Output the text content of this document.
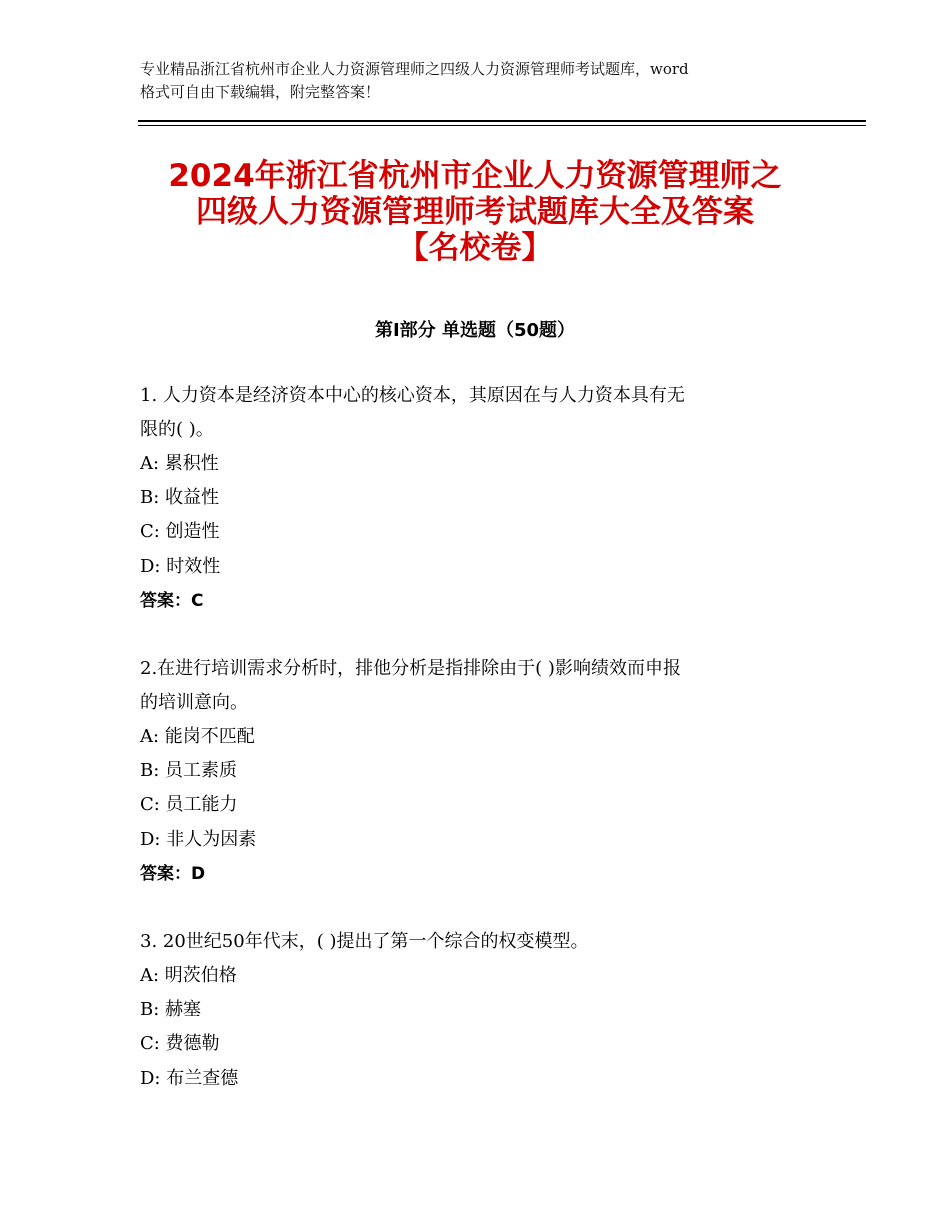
专业精品浙江省杭州市企业人力资源管理师之四级人力资源管理师考试题库，word
格式可自由下载编辑，附完整答案！
2024年浙江省杭州市企业人力资源管理师之
四级人力资源管理师考试题库大全及答案
【名校卷】
第Ⅰ部分 单选题（50题）
1. 人力资本是经济资本中心的核心资本，其原因在与人力资本具有无
限的( )。
A: 累积性
B: 收益性
C: 创造性
D: 时效性
答案：C
2.在进行培训需求分析时，排他分析是指排除由于( )影响绩效而申报
的培训意向。
A: 能岗不匹配
B: 员工素质
C: 员工能力
D: 非人为因素
答案：D
3. 20世纪50年代末，( )提出了第一个综合的权变模型。
A: 明茨伯格
B: 赫塞
C: 费德勒
D: 布兰查德
